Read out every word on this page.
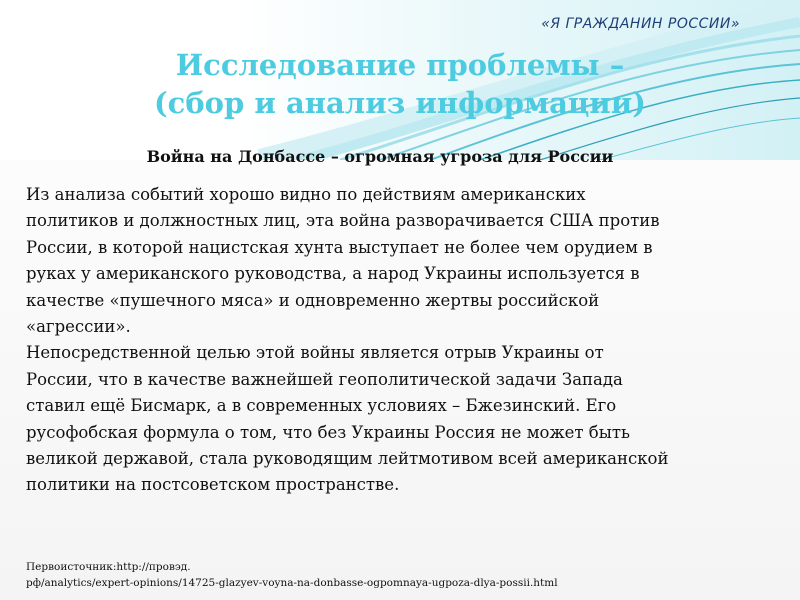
«Я ГРАЖДАНИН РОССИИ»
Исследование проблемы –
(сбор и анализ информации)
Война на Донбассе – огромная угроза для России

Из анализа событий хорошо видно по действиям американских
политиков и должностных лиц, эта война разворачивается США против
России, в которой нацистская хунта выступает не более чем орудием в
руках у американского руководства, а народ Украины используется в
качестве «пушечного мяса» и одновременно жертвы российской
«агрессии».

Непосредственной целью этой войны является отрыв Украины от
России, что в качестве важнейшей геополитической задачи Запада
ставил ещё Бисмарк, а в современных условиях – Бжезинский. Его
русофобская формула о том, что без Украины Россия не может быть
великой державой, стала руководящим лейтмотивом всей американской
политики на постсоветском пространстве.

Первоисточник:http://провэд.
рф/analytics/expert-opinions/14725-glazyev-voyna-na-donbasse-ogpomnaya-ugpoza-dlya-possii.html
